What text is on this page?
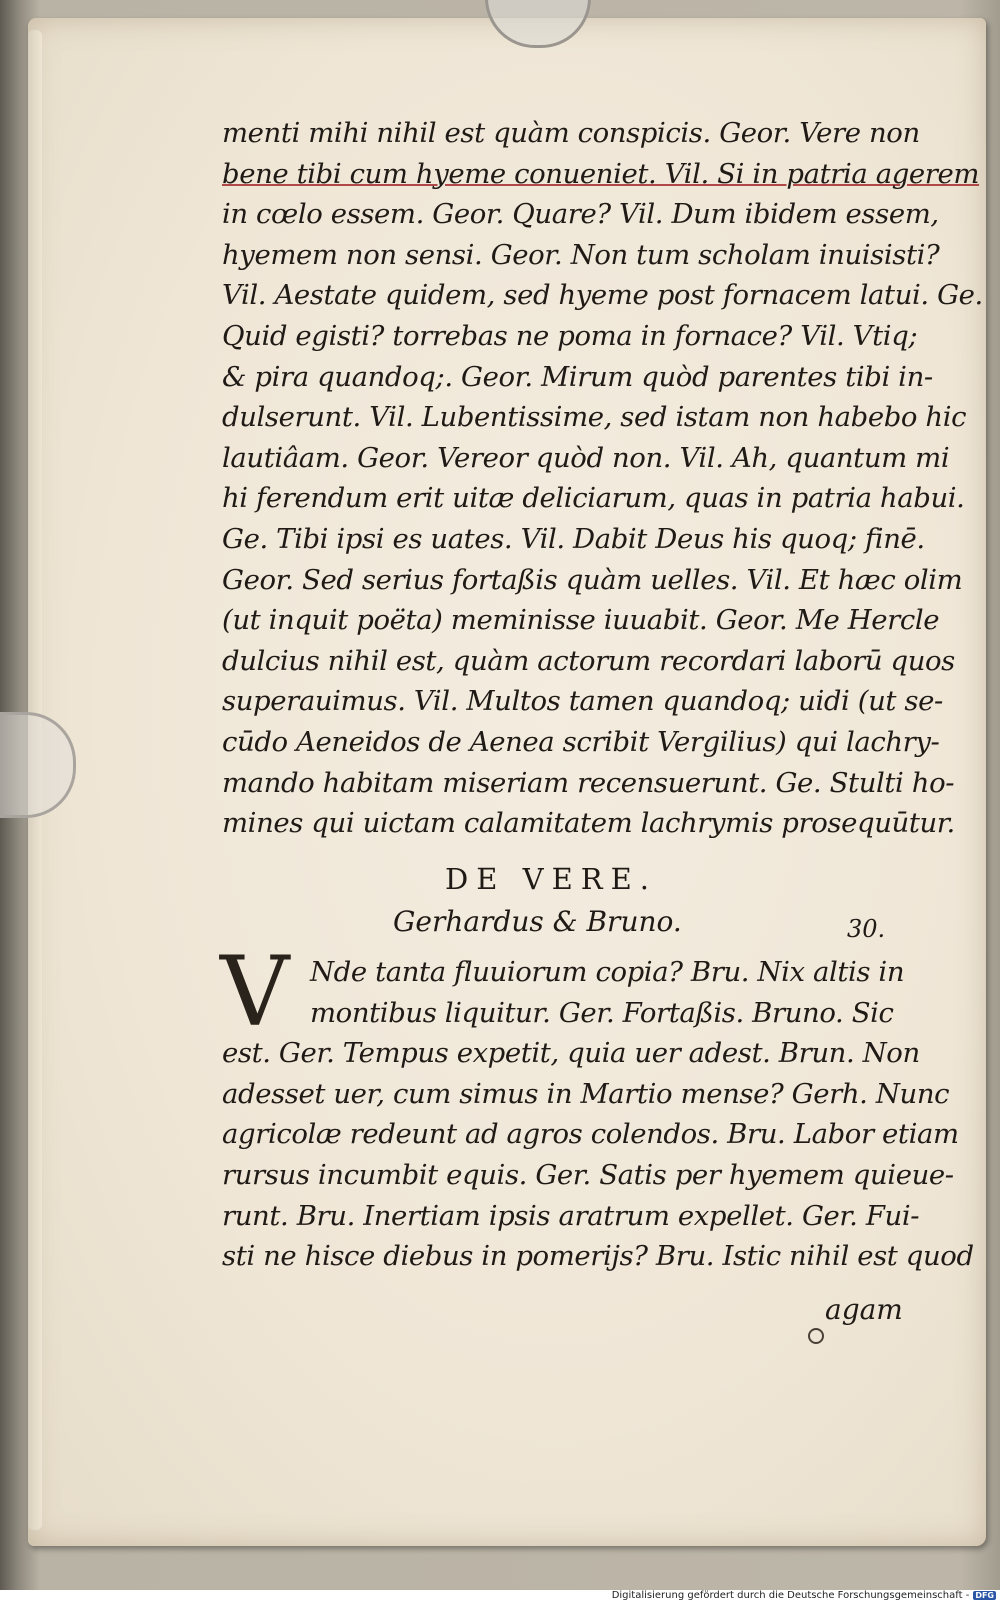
menti mihi nihil est quàm conspicis. Geor. Vere non
bene tibi cum hyeme conueniet. Vil. Si in patria agerem
in cœlo essem. Geor. Quare? Vil. Dum ibidem essem,
hyemem non sensi. Geor. Non tum scholam inuisisti?
Vil. Aestate quidem, sed hyeme post fornacem latui. Ge.
Quid egisti? torrebas ne poma in fornace? Vil. Vtiq;
& pira quandoq;. Geor. Mirum quòd parentes tibi in-
dulserunt. Vil. Lubentissime, sed istam non habebo hic
lautiâam. Geor. Vereor quòd non. Vil. Ah, quantum mi
hi ferendum erit uitæ deliciarum, quas in patria habui.
Ge. Tibi ipsi es uates. Vil. Dabit Deus his quoq; finē.
Geor. Sed serius fortaßis quàm uelles. Vil. Et hæc olim
(ut inquit poëta) meminisse iuuabit. Geor. Me Hercle
dulcius nihil est, quàm actorum recordari laborū quos
superauimus. Vil. Multos tamen quandoq; uidi (ut se-
cūdo Aeneidos de Aenea scribit Vergilius) qui lachry-
mando habitam miseriam recensuerunt. Ge. Stulti ho-
mines qui uictam calamitatem lachrymis prosequūtur.
DE VERE.
Gerhardus & Bruno.	30.
V Nde tanta fluuiorum copia? Bru. Nix altis in
montibus liquitur. Ger. Fortaßis. Bruno. Sic
est. Ger. Tempus expetit, quia uer adest. Brun. Non
adesset uer, cum simus in Martio mense? Gerh. Nunc
agricolæ redeunt ad agros colendos. Bru. Labor etiam
rursus incumbit equis. Ger. Satis per hyemem quieue-
runt. Bru. Inertiam ipsis aratrum expellet. Ger. Fui-
sti ne hisce diebus in pomerijs? Bru. Istic nihil est quod
agam
Digitalisierung gefördert durch die Deutsche Forschungsgemeinschaft - DFG
